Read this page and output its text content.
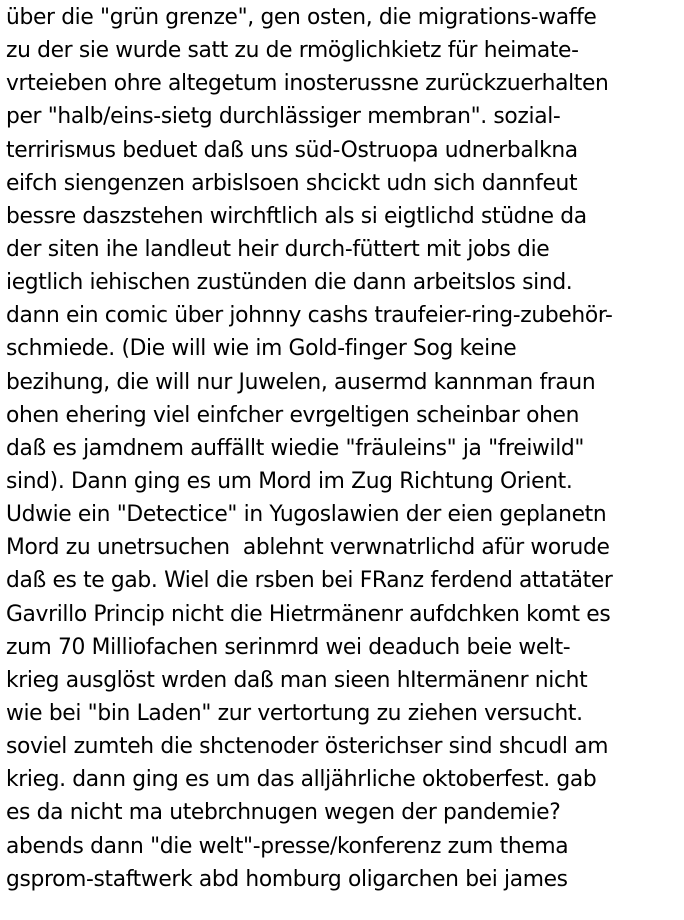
über die "grün grenze", gen osten, die migrations-waffe
zu der sie wurde satt zu de rmöglichkietz für heimate-
vrteieben ohre altegetum inosterussne zurückzuerhalten
per "halb/eins-sietg durchlässiger membran". sozial-
terririsмus beduet daß uns süd-Ostruopa udnerbalkna
eifch siengenzen arbislsoen shcickt udn sich dannfeut
bessre daszstehen wirchftlich als si eigtlichd stüdne da
der siten ihe landleut heir durch-füttert mit jobs die
iegtlich iehischen zustünden die dann arbeitslos sind.
dann ein comic über johnny cashs traufeier-ring-zubehör-
schmiede. (Die will wie im Gold-finger Sog keine
bezihung, die will nur Juwelen, ausermd kannman fraun
ohen ehering viel einfcher evrgeltigen scheinbar ohen
daß es jamdnem auffällt wiedie "fräuleins" ja "freiwild"
sind). Dann ging es um Mord im Zug Richtung Orient.
Udwie ein "Detectice" in Yugoslawien der eien geplanetn
Mord zu unetrsuchen  ablehnt verwnatrlichd afür worude
daß es te gab. Wiel die rsben bei FRanz ferdend attatäter
Gavrillo Princip nicht die Hietrmänenr aufdchken komt es
zum 70 Milliofachen serinmrd wei deaduch beie welt-
krieg ausglöst wrden daß man sieen hItermänenr nicht
wie bei "bin Laden" zur vertortung zu ziehen versucht.
soviel zumteh die shctenoder österichser sind shcudl am
krieg. dann ging es um das alljährliche oktoberfest. gab
es da nicht ma utebrchnugen wegen der pandemie?
abends dann "die welt"-presse/konferenz zum thema
gsprom-staftwerk abd homburg oligarchen bei james
